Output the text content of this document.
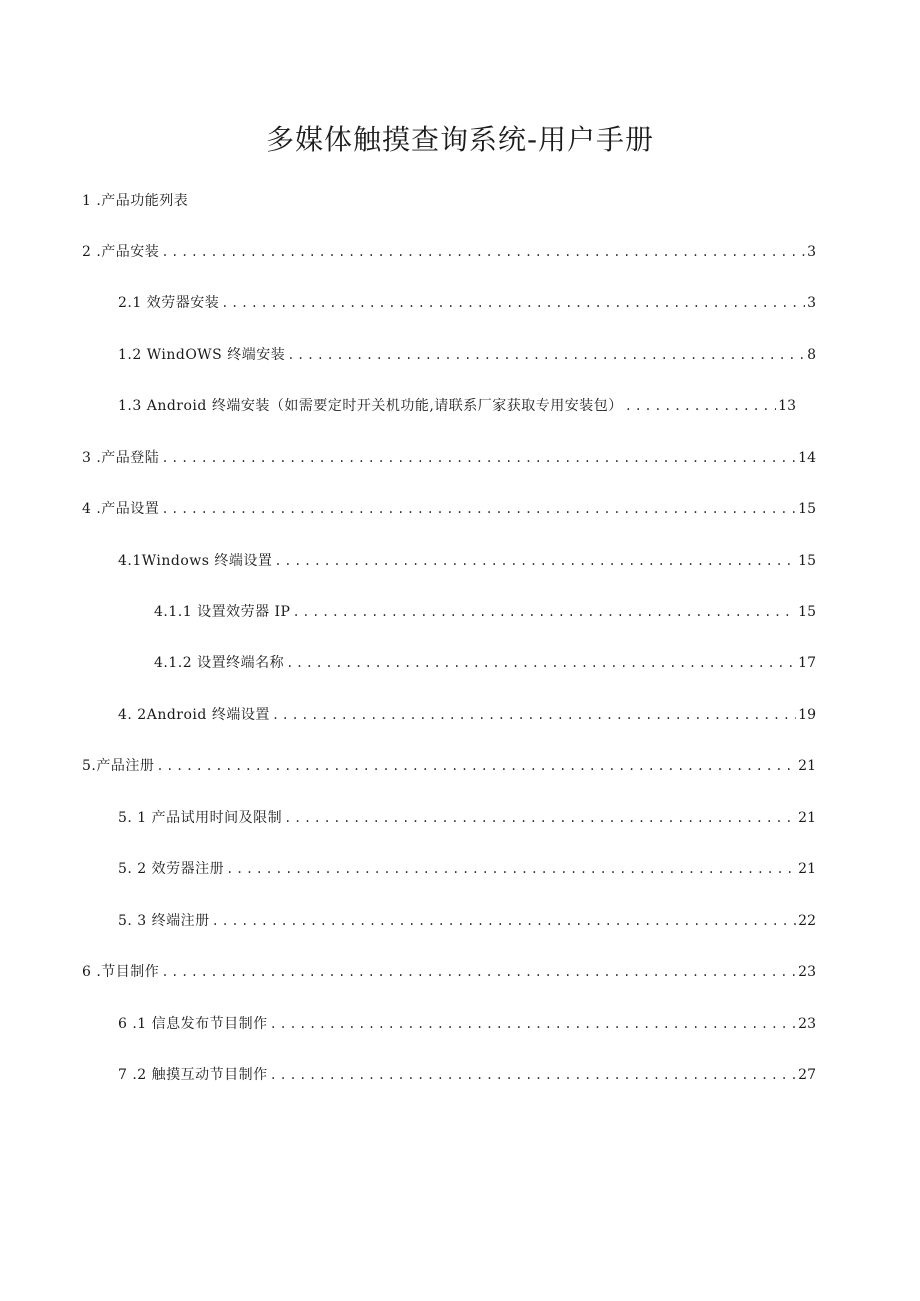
多媒体触摸查询系统-用户手册
1 .产品功能列表
2 .产品安装 .....	3
2.1 效劳器安装 .....	3
1.2 WindOWS 终端安装 .....	8
1.3 Android 终端安装（如需要定时开关机功能,请联系厂家获取专用安装包） .....	13
3 .产品登陆 .....	14
4 .产品设置 .....	15
4.1Windows 终端设置 .....	15
4.1.1 设置效劳器 IP .....	15
4.1.2 设置终端名称 .....	17
4. 2Android 终端设置 .....	19
5.产品注册 .....	21
5. 1 产品试用时间及限制 .....	21
5. 2 效劳器注册 .....	21
5. 3 终端注册 .....	22
6 .节目制作 .....	23
6 .1 信息发布节目制作 .....	23
7 .2 触摸互动节目制作 .....	27
